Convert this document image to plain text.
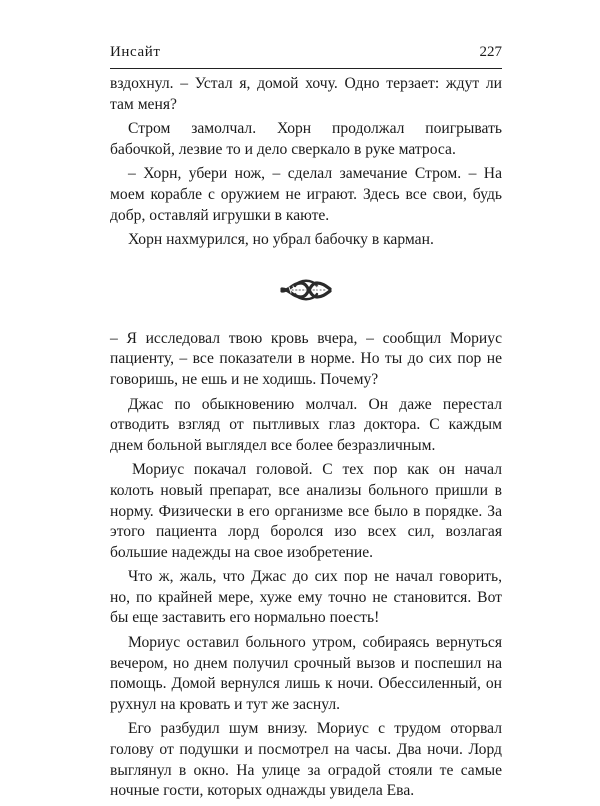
Инсайт	227

вздохнул. – Устал я, домой хочу. Одно терзает: ждут ли там меня?

Стром замолчал. Хорн продолжал поигрывать бабочкой, лезвие то и дело сверкало в руке матроса.

– Хорн, убери нож, – сделал замечание Стром. – На моем корабле с оружием не играют. Здесь все свои, будь добр, оставляй игрушки в каюте.

Хорн нахмурился, но убрал бабочку в карман.

– Я исследовал твою кровь вчера, – сообщил Мориус пациенту, – все показатели в норме. Но ты до сих пор не говоришь, не ешь и не ходишь. Почему?

Джас по обыкновению молчал. Он даже перестал отводить взгляд от пытливых глаз доктора. С каждым днем больной выглядел все более безразличным.

Мориус покачал головой. С тех пор как он начал колоть новый препарат, все анализы больного пришли в норму. Физически в его организме все было в порядке. За этого пациента лорд боролся изо всех сил, возлагая большие надежды на свое изобретение.

Что ж, жаль, что Джас до сих пор не начал говорить, но, по крайней мере, хуже ему точно не становится. Вот бы еще заставить его нормально поесть!

Мориус оставил больного утром, собираясь вернуться вечером, но днем получил срочный вызов и поспешил на помощь. Домой вернулся лишь к ночи. Обессиленный, он рухнул на кровать и тут же заснул.

Его разбудил шум внизу. Мориус с трудом оторвал голову от подушки и посмотрел на часы. Два ночи. Лорд выглянул в окно. На улице за оградой стояли те самые ночные гости, которых однажды увидела Ева.
